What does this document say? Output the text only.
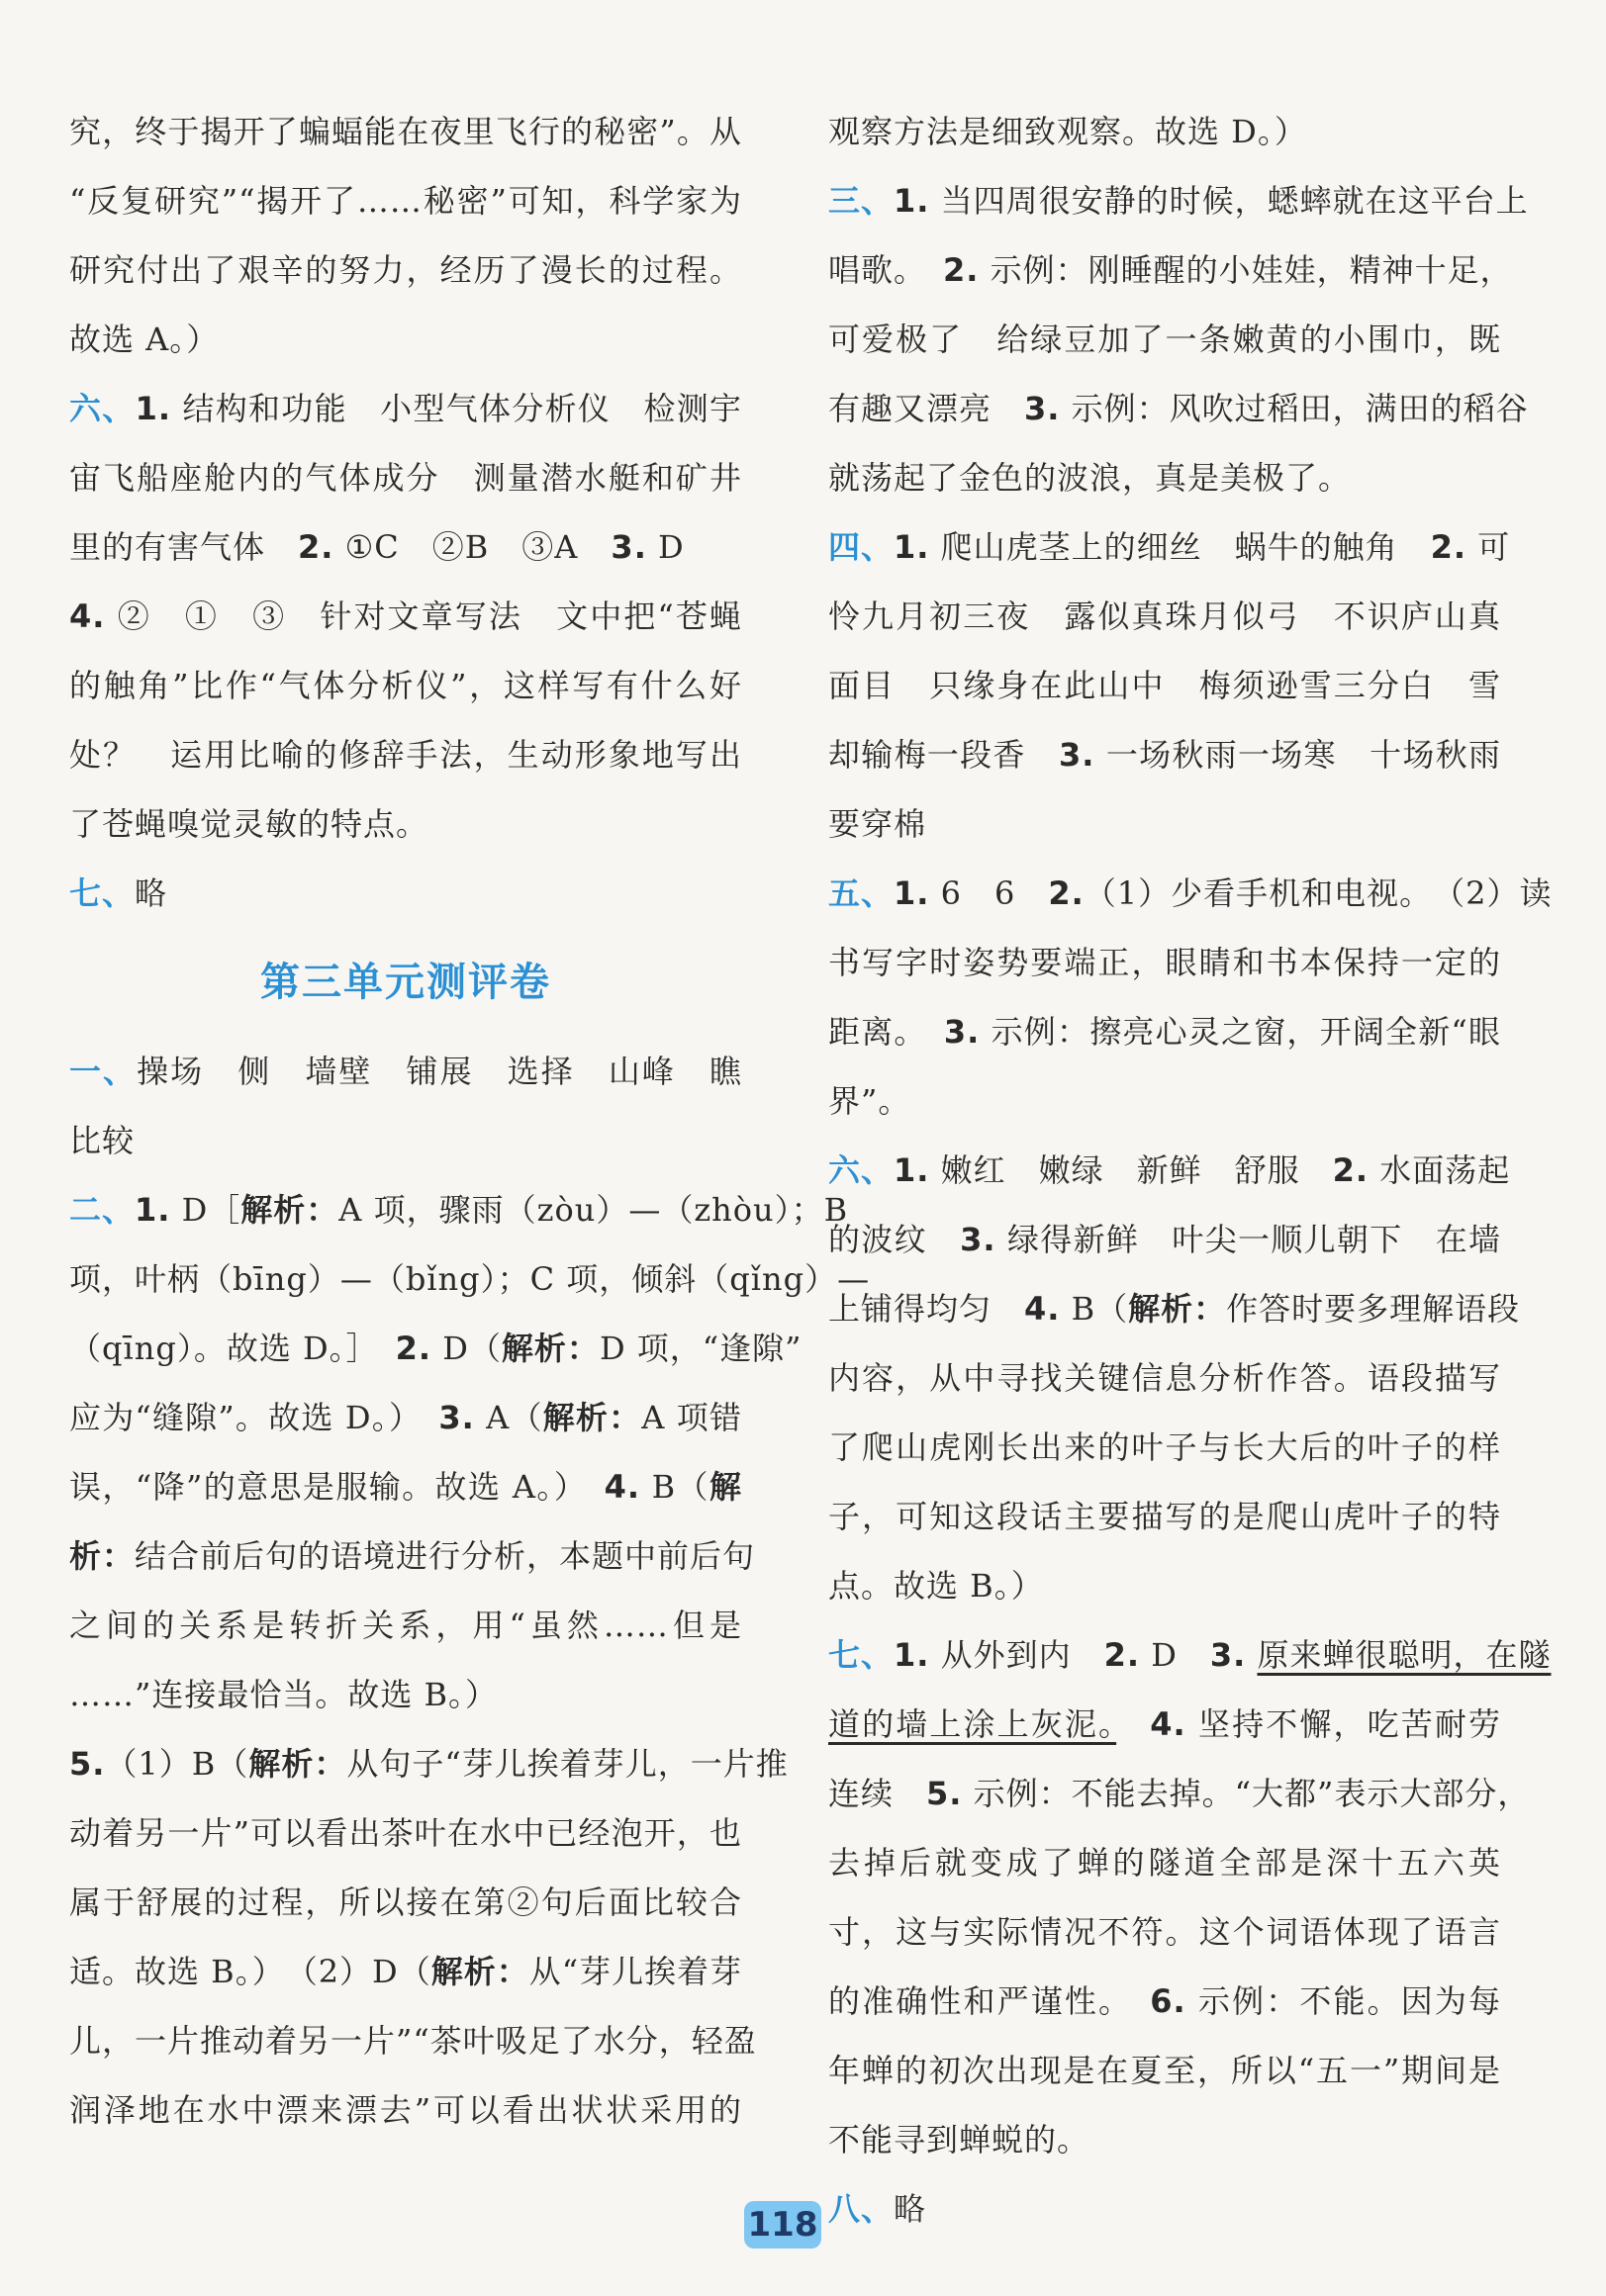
究，终于揭开了蝙蝠能在夜里飞行的秘密”。从
“反复研究”“揭开了……秘密”可知，科学家为
研究付出了艰辛的努力，经历了漫长的过程。
故选 A。）
六、1. 结构和功能　小型气体分析仪　检测宇
宙飞船座舱内的气体成分　测量潜水艇和矿井
里的有害气体　2. ①C　②B　③A　3. D
4. ②　①　③　针对文章写法　文中把“苍蝇
的触角”比作“气体分析仪”，这样写有什么好
处？　运用比喻的修辞手法，生动形象地写出
了苍蝇嗅觉灵敏的特点。
七、略
第三单元测评卷
一、操场　侧　墙壁　铺展　选择　山峰　瞧
比较
二、1. D［解析：A 项，骤雨（zòu）—（zhòu）；B
项，叶柄（bīng）—（bǐng）；C 项，倾斜（qǐng）—
（qīng）。故选 D。］　2. D（解析：D 项，“逢隙”
应为“缝隙”。故选 D。）　3. A（解析：A 项错
误，“降”的意思是服输。故选 A。）　4. B（解
析：结合前后句的语境进行分析，本题中前后句
之间的关系是转折关系，用“虽然……但是
……”连接最恰当。故选 B。）
5.（1）B（解析：从句子“芽儿挨着芽儿，一片推
动着另一片”可以看出茶叶在水中已经泡开，也
属于舒展的过程，所以接在第②句后面比较合
适。故选 B。）　（2）D（解析：从“芽儿挨着芽
儿，一片推动着另一片”“茶叶吸足了水分，轻盈
润泽地在水中漂来漂去”可以看出状状采用的
观察方法是细致观察。故选 D。）
三、1. 当四周很安静的时候，蟋蟀就在这平台上
唱歌。　2. 示例：刚睡醒的小娃娃，精神十足，
可爱极了　给绿豆加了一条嫩黄的小围巾，既
有趣又漂亮　3. 示例：风吹过稻田，满田的稻谷
就荡起了金色的波浪，真是美极了。
四、1. 爬山虎茎上的细丝　蜗牛的触角　2. 可
怜九月初三夜　露似真珠月似弓　不识庐山真
面目　只缘身在此山中　梅须逊雪三分白　雪
却输梅一段香　3. 一场秋雨一场寒　十场秋雨
要穿棉
五、1. 6　6　2.（1）少看手机和电视。　（2）读
书写字时姿势要端正，眼睛和书本保持一定的
距离。　3. 示例：擦亮心灵之窗，开阔全新“眼
界”。
六、1. 嫩红　嫩绿　新鲜　舒服　2. 水面荡起
的波纹　3. 绿得新鲜　叶尖一顺儿朝下　在墙
上铺得均匀　4. B（解析：作答时要多理解语段
内容，从中寻找关键信息分析作答。语段描写
了爬山虎刚长出来的叶子与长大后的叶子的样
子，可知这段话主要描写的是爬山虎叶子的特
点。故选 B。）
七、1. 从外到内　2. D　3. 原来蝉很聪明，在隧
道的墙上涂上灰泥。　 4. 坚持不懈，吃苦耐劳
连续　5. 示例：不能去掉。“大都”表示大部分，
去掉后就变成了蝉的隧道全部是深十五六英
寸，这与实际情况不符。这个词语体现了语言
的准确性和严谨性。　6. 示例：不能。因为每
年蝉的初次出现是在夏至，所以“五一”期间是
不能寻到蝉蜕的。
八、略
118
